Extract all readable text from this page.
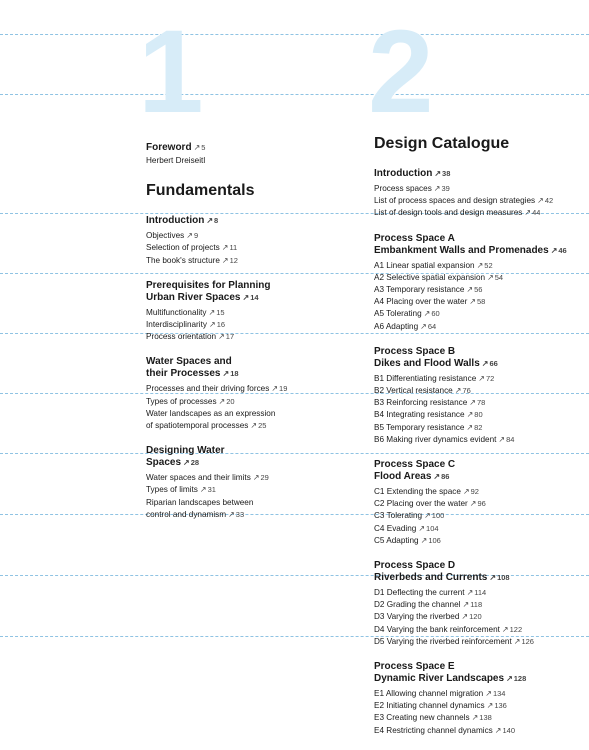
1 2
Foreword ↗5
Herbert Dreiseitl
Fundamentals
Introduction ↗8
Objectives ↗9
Selection of projects ↗11
The book's structure ↗12
Prerequisites for Planning
Urban River Spaces ↗14
Multifunctionality ↗15
Interdisciplinarity ↗16
Process orientation ↗17
Water Spaces and
their Processes ↗18
Processes and their driving forces ↗19
Types of processes ↗20
Water landscapes as an expression
of spatiotemporal processes ↗25
Designing Water
Spaces ↗28
Water spaces and their limits ↗29
Types of limits ↗31
Riparian landscapes between
control and dynamism ↗33
Design Catalogue
Introduction ↗38
Process spaces ↗39
List of process spaces and design strategies ↗42
List of design tools and design measures ↗44
Process Space A
Embankment Walls and Promenades ↗46
A1 Linear spatial expansion ↗52
A2 Selective spatial expansion ↗54
A3 Temporary resistance ↗56
A4 Placing over the water ↗58
A5 Tolerating ↗60
A6 Adapting ↗64
Process Space B
Dikes and Flood Walls ↗66
B1 Differentiating resistance ↗72
B2 Vertical resistance ↗76
B3 Reinforcing resistance ↗78
B4 Integrating resistance ↗80
B5 Temporary resistance ↗82
B6 Making river dynamics evident ↗84
Process Space C
Flood Areas ↗86
C1 Extending the space ↗92
C2 Placing over the water ↗96
C3 Tolerating ↗100
C4 Evading ↗104
C5 Adapting ↗106
Process Space D
Riverbeds and Currents ↗108
D1 Deflecting the current ↗114
D2 Grading the channel ↗118
D3 Varying the riverbed ↗120
D4 Varying the bank reinforcement ↗122
D5 Varying the riverbed reinforcement ↗126
Process Space E
Dynamic River Landscapes ↗128
E1 Allowing channel migration ↗134
E2 Initiating channel dynamics ↗136
E3 Creating new channels ↗138
E4 Restricting channel dynamics ↗140
